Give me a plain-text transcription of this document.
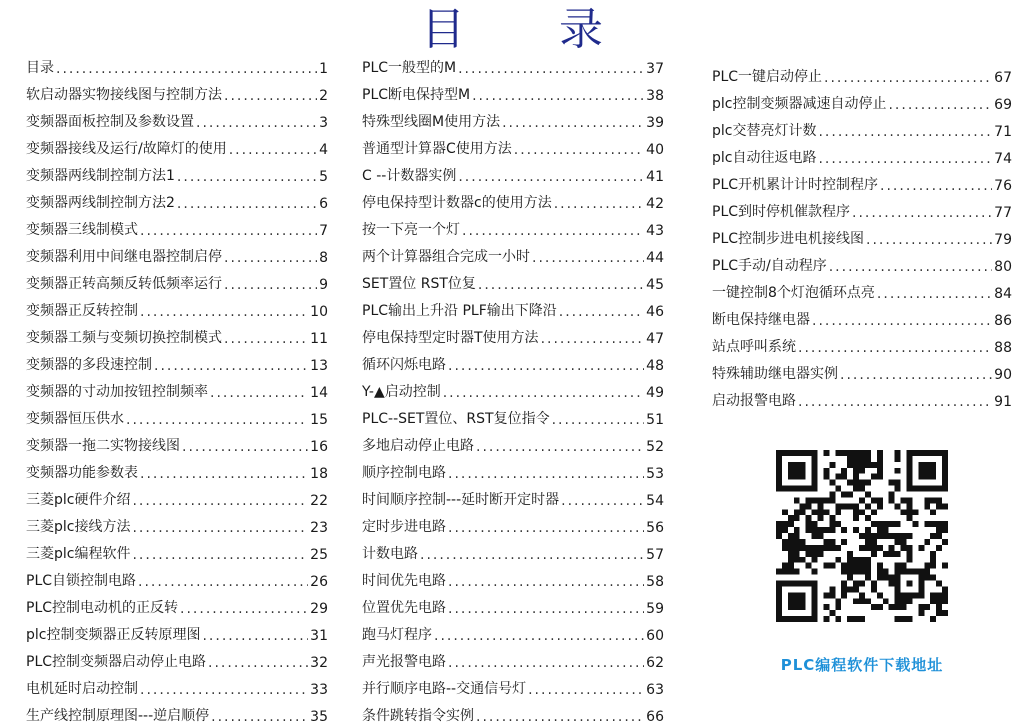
目 录
目录 .....	1
软启动器实物接线图与控制方法 .....	2
变频器面板控制及参数设置 .....	3
变频器接线及运行/故障灯的使用 .....	4
变频器两线制控制方法1 .....	5
变频器两线制控制方法2 .....	6
变频器三线制模式 .....	7
变频器利用中间继电器控制启停 .....	8
变频器正转高频反转低频率运行 .....	9
变频器正反转控制 .....	10
变频器工频与变频切换控制模式 .....	11
变频器的多段速控制 .....	13
变频器的寸动加按钮控制频率 .....	14
变频器恒压供水 .....	15
变频器一拖二实物接线图 .....	16
变频器功能参数表 .....	18
三菱plc硬件介绍 .....	22
三菱plc接线方法 .....	23
三菱plc编程软件 .....	25
PLC自锁控制电路 .....	26
PLC控制电动机的正反转 .....	29
plc控制变频器正反转原理图 .....	31
PLC控制变频器启动停止电路 .....	32
电机延时启动控制 .....	33
生产线控制原理图---逆启顺停 .....	35
PLC一般型的M .....	37
PLC断电保持型M .....	38
特殊型线圈M使用方法 .....	39
普通型计算器C使用方法 .....	40
C --计数器实例 .....	41
停电保持型计数器c的使用方法 .....	42
按一下亮一个灯 .....	43
两个计算器组合完成一小时 .....	44
SET置位 RST位复 .....	45
PLC输出上升沿 PLF输出下降沿 .....	46
停电保持型定时器T使用方法 .....	47
循环闪烁电路 .....	48
Y-▲启动控制 .....	49
PLC--SET置位、RST复位指令 .....	51
多地启动停止电路 .....	52
顺序控制电路 .....	53
时间顺序控制---延时断开定时器 .....	54
定时步进电路 .....	56
计数电路 .....	57
时间优先电路 .....	58
位置优先电路 .....	59
跑马灯程序 .....	60
声光报警电路 .....	62
并行顺序电路--交通信号灯 .....	63
条件跳转指令实例 .....	66
PLC一键启动停止 .....	67
plc控制变频器减速自动停止 .....	69
plc交替亮灯计数 .....	71
plc自动往返电路 .....	74
PLC开机累计计时控制程序 .....	76
PLC到时停机催款程序 .....	77
PLC控制步进电机接线图 .....	79
PLC手动/自动程序 .....	80
一键控制8个灯泡循环点亮 .....	84
断电保持继电器 .....	86
站点呼叫系统 .....	88
特殊辅助继电器实例 .....	90
启动报警电路 .....	91
PLC编程软件下载地址
